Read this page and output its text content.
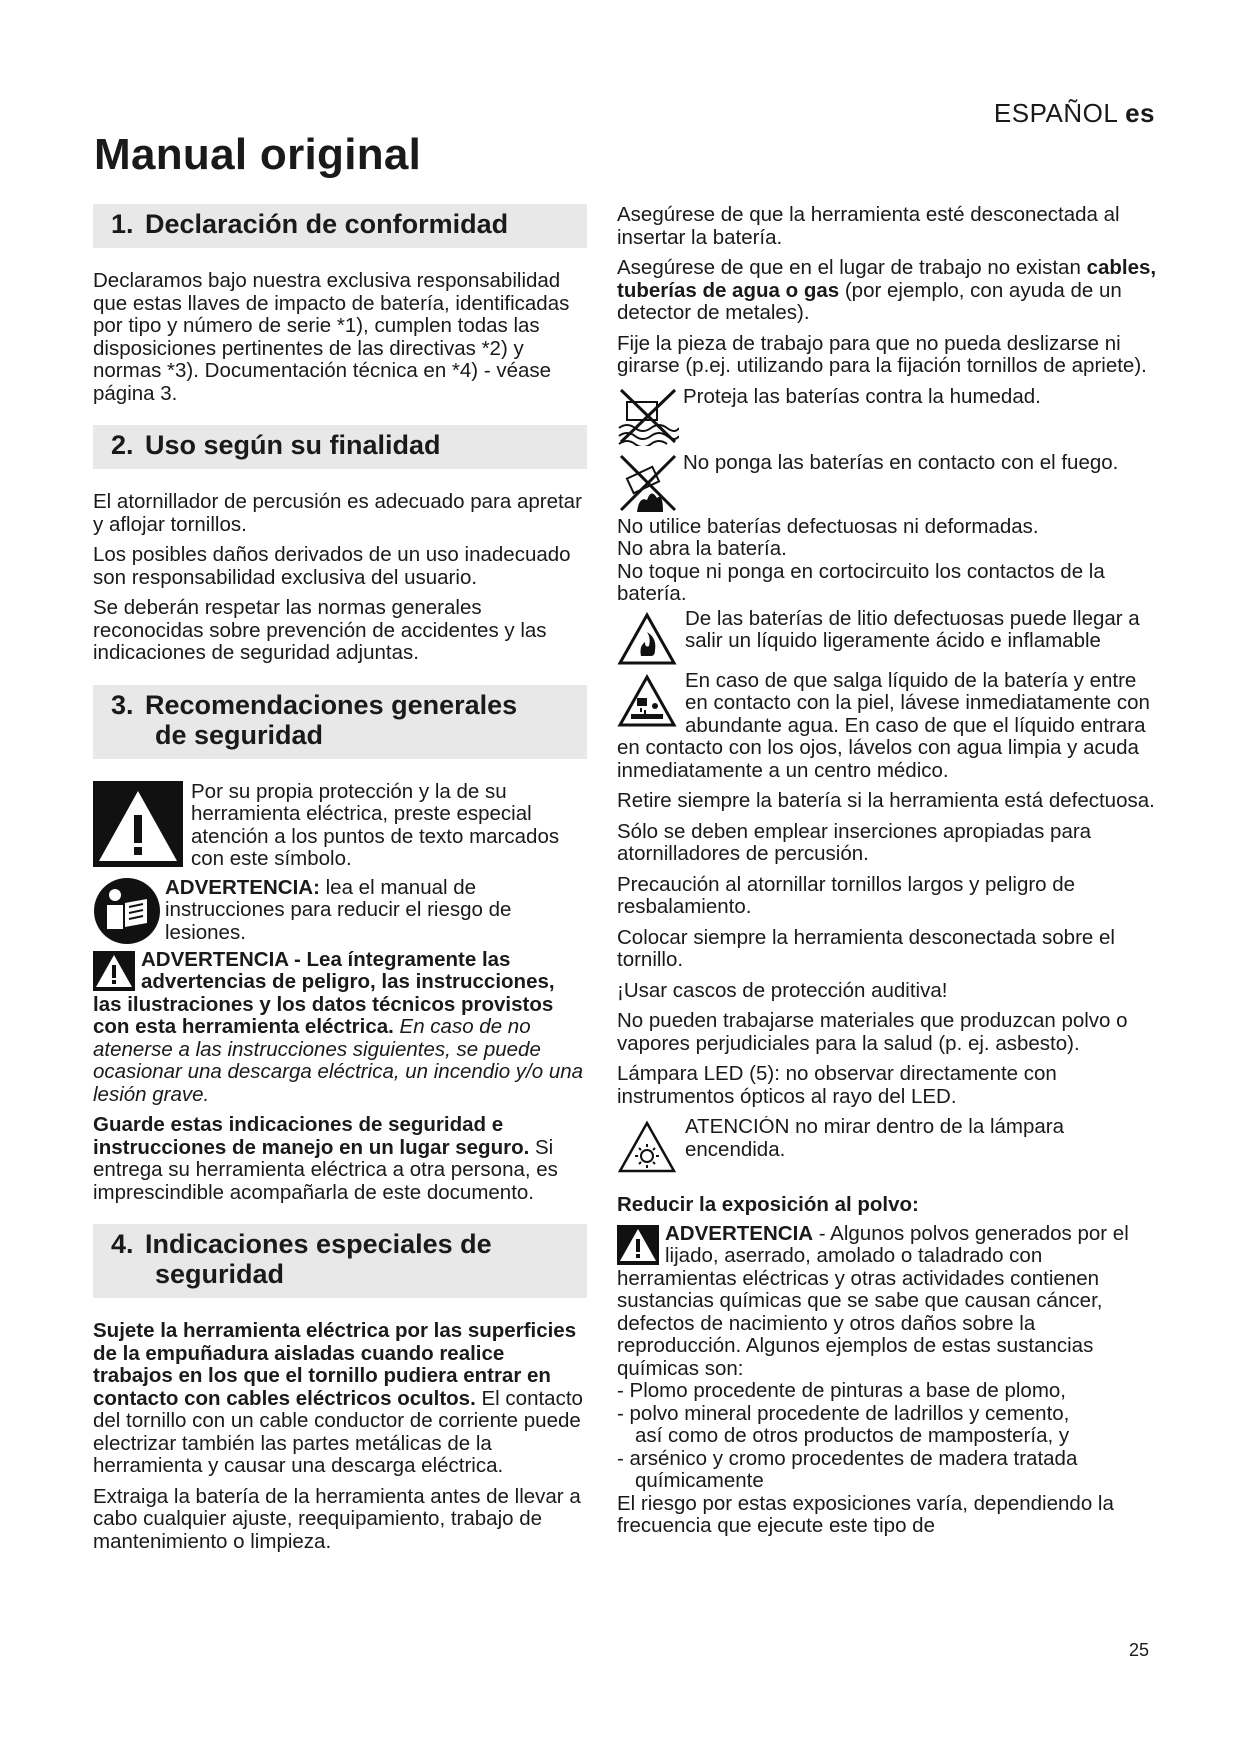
ESPAÑOL es
Manual original
1. Declaración de conformidad

Declaramos bajo nuestra exclusiva responsabilidad que estas llaves de impacto de batería, identificadas por tipo y número de serie *1), cumplen todas las disposiciones pertinentes de las directivas *2) y normas *3). Documentación técnica en *4) - véase página 3.

2. Uso según su finalidad

El atornillador de percusión es adecuado para apretar y aflojar tornillos.

Los posibles daños derivados de un uso inadecuado son responsabilidad exclusiva del usuario.

Se deberán respetar las normas generales reconocidas sobre prevención de accidentes y las indicaciones de seguridad adjuntas.

3. Recomendaciones generales
de seguridad
Por su propia protección y la de su herramienta eléctrica, preste especial atención a los puntos de texto marcados con este símbolo.
ADVERTENCIA: lea el manual de instrucciones para reducir el riesgo de lesiones.
ADVERTENCIA - Lea íntegramente las advertencias de peligro, las instrucciones, las ilustraciones y los datos técnicos provistos con esta herramienta eléctrica. En caso de no atenerse a las instrucciones siguientes, se puede ocasionar una descarga eléctrica, un incendio y/o una lesión grave.

Guarde estas indicaciones de seguridad e instrucciones de manejo en un lugar seguro. Si entrega su herramienta eléctrica a otra persona, es imprescindible acompañarla de este documento.

4. Indicaciones especiales de
seguridad

Sujete la herramienta eléctrica por las superficies de la empuñadura aisladas cuando realice trabajos en los que el tornillo pudiera entrar en contacto con cables eléctricos ocultos. El contacto del tornillo con un cable conductor de corriente puede electrizar también las partes metálicas de la herramienta y causar una descarga eléctrica.

Extraiga la batería de la herramienta antes de llevar a cabo cualquier ajuste, reequipamiento, trabajo de mantenimiento o limpieza.

Asegúrese de que la herramienta esté desconectada al insertar la batería.

Asegúrese de que en el lugar de trabajo no existan cables, tuberías de agua o gas (por ejemplo, con ayuda de un detector de metales).

Fije la pieza de trabajo para que no pueda deslizarse ni girarse (p.ej. utilizando para la fijación tornillos de apriete).

Proteja las baterías contra la humedad.
No ponga las baterías en contacto con el fuego.
No utilice baterías defectuosas ni deformadas.
No abra la batería.
No toque ni ponga en cortocircuito los contactos de la batería.
De las baterías de litio defectuosas puede llegar a salir un líquido ligeramente ácido e inflamable
En caso de que salga líquido de la batería y entre en contacto con la piel, lávese inmediatamente con abundante agua. En caso de que el líquido entrara en contacto con los ojos, lávelos con agua limpia y acuda inmediatamente a un centro médico.

Retire siempre la batería si la herramienta está defectuosa.

Sólo se deben emplear inserciones apropiadas para atornilladores de percusión.

Precaución al atornillar tornillos largos y peligro de resbalamiento.

Colocar siempre la herramienta desconectada sobre el tornillo.

¡Usar cascos de protección auditiva!

No pueden trabajarse materiales que produzcan polvo o vapores perjudiciales para la salud (p. ej. asbesto).

Lámpara LED (5): no observar directamente con instrumentos ópticos al rayo del LED.

ATENCIÓN no mirar dentro de la lámpara encendida.
Reducir la exposición al polvo:
ADVERTENCIA - Algunos polvos generados por el lijado, aserrado, amolado o taladrado con herramientas eléctricas y otras actividades contienen sustancias químicas que se sabe que causan cáncer, defectos de nacimiento y otros daños sobre la reproducción. Algunos ejemplos de estas sustancias químicas son:
- Plomo procedente de pinturas a base de plomo,
- polvo mineral procedente de ladrillos y cemento,
así como de otros productos de mampostería, y
- arsénico y cromo procedentes de madera tratada
químicamente
El riesgo por estas exposiciones varía, dependiendo la frecuencia que ejecute este tipo de
25
